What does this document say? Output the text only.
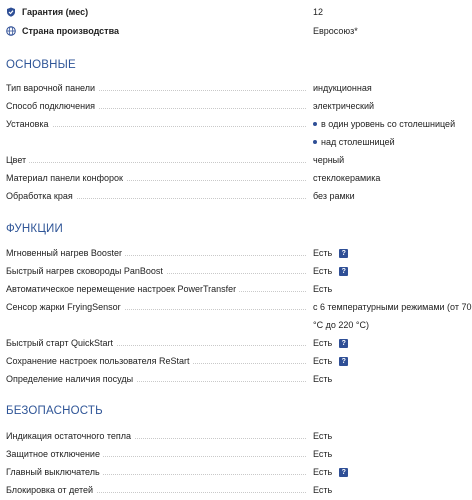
Гарантия (мес)	12
Страна производства	Евросоюз*
ОСНОВНЫЕ
Тип варочной панели	индукционная
Способ подключения	электрический
Установка	в один уровень со столешницей
над столешницей
Цвет	черный
Материал панели конфорок	стеклокерамика
Обработка края	без рамки
ФУНКЦИИ
Мгновенный нагрев Booster	Есть	?
Быстрый нагрев сковороды PanBoost	Есть	?
Автоматическое перемещение настроек PowerTransfer	Есть
Сенсор жарки FryingSensor	с 6 температурными режимами (от 70
°С до 220 °С)
Быстрый старт QuickStart	Есть	?
Сохранение настроек пользователя ReStart	Есть	?
Определение наличия посуды	Есть
БЕЗОПАСНОСТЬ
Индикация остаточного тепла	Есть
Защитное отключение	Есть
Главный выключатель	Есть	?
Блокировка от детей	Есть
